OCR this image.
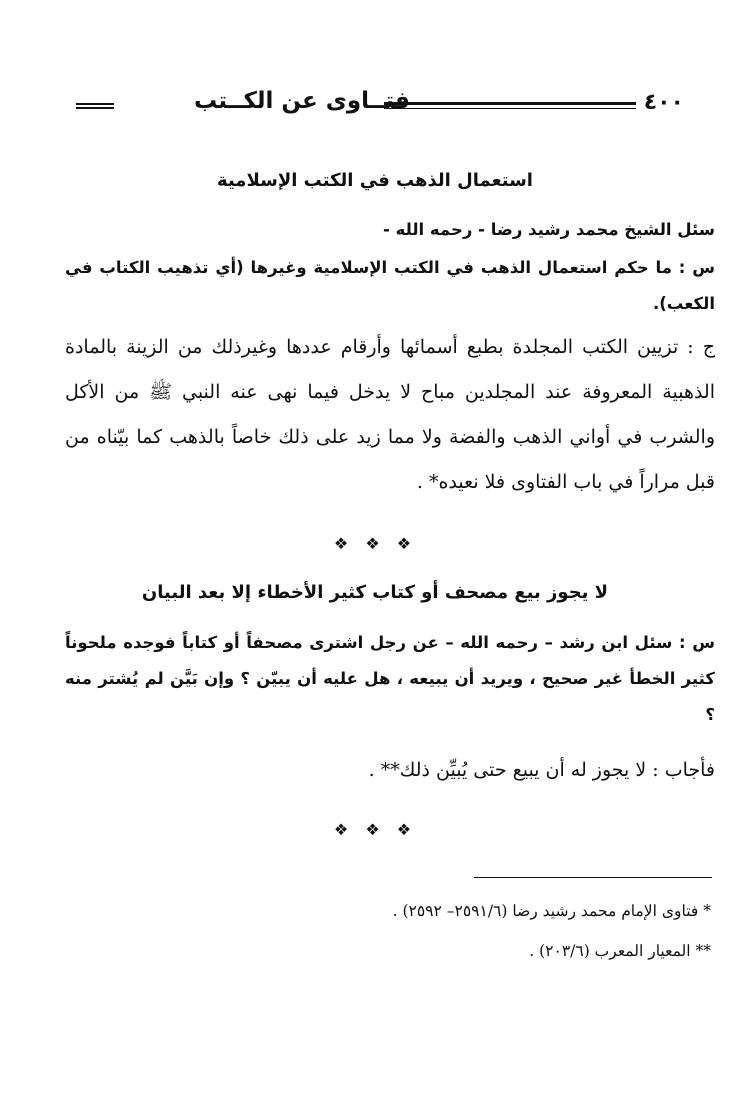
فتــاوى عن الكــتب	٤٠٠
استعمال الذهب في الكتب الإسلامية
سئل الشيخ محمد رشيد رضا - رحمه الله -
س : ما حكم استعمال الذهب في الكتب الإسلامية وغيرها (أي تذهيب الكتاب في الكعب).
ج : تزيين الكتب المجلدة بطبع أسمائها وأرقام عددها وغيرذلك من الزينة بالمادة الذهبية المعروفة عند المجلدين مباح لا يدخل فيما نهى عنه النبي ﷺ من الأكل والشرب في أواني الذهب والفضة ولا مما زيد على ذلك خاصاً بالذهب كما بيّناه من قبل مراراً في باب الفتاوى فلا نعيده* .
❖ ❖ ❖
لا يجوز بيع مصحف أو كتاب كثير الأخطاء إلا بعد البيان
س : سئل ابن رشد – رحمه الله – عن رجل اشترى مصحفاً أو كتاباً فوجده ملحوناً كثير الخطأ غير صحيح ، ويريد أن يبيعه ، هل عليه أن يبيّن ؟ وإن بَيَّن لم يُشتر منه ؟
فأجاب : لا يجوز له أن يبيع حتى يُبيِّن ذلك** .
❖ ❖ ❖
* فتاوى الإمام محمد رشيد رضا (٢٥٩١/٦– ٢٥٩٢) .
** المعيار المعرب (٢٠٣/٦) .
